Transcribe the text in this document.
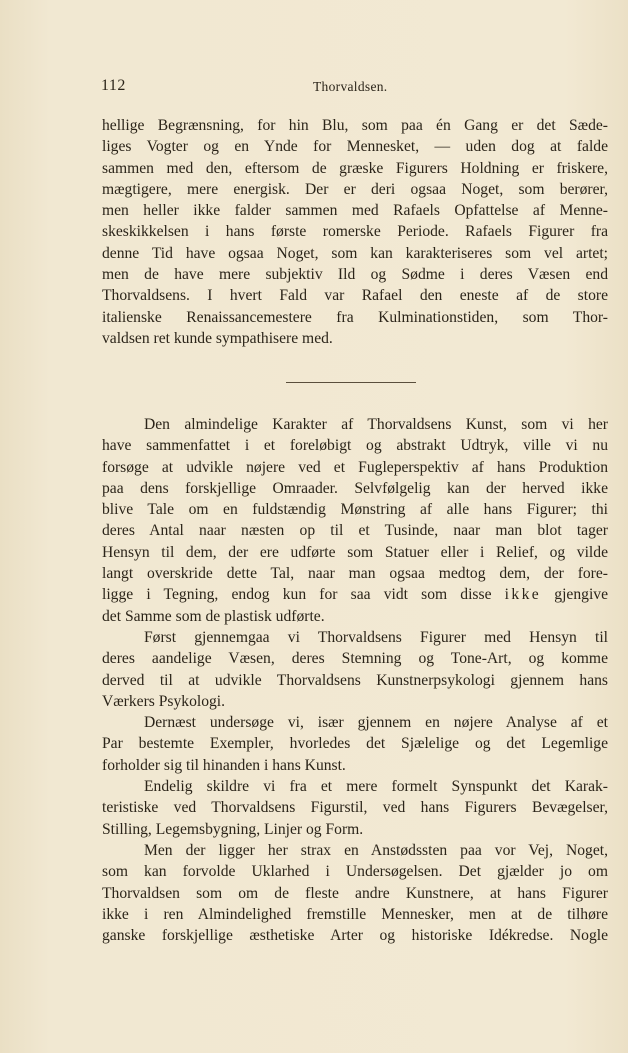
112	Thorvaldsen.
hellige Begrænsning, for hin Blu, som paa én Gang er det Sæde-
liges Vogter og en Ynde for Mennesket, — uden dog at falde
sammen med den, eftersom de græske Figurers Holdning er friskere,
mægtigere, mere energisk. Der er deri ogsaa Noget, som berører,
men heller ikke falder sammen med Rafaels Opfattelse af Menne-
skeskikkelsen i hans første romerske Periode. Rafaels Figurer fra
denne Tid have ogsaa Noget, som kan karakteriseres som vel artet;
men de have mere subjektiv Ild og Sødme i deres Væsen end
Thorvaldsens. I hvert Fald var Rafael den eneste af de store
italienske Renaissancemestere fra Kulminationstiden, som Thor-
valdsen ret kunde sympathisere med.
Den almindelige Karakter af Thorvaldsens Kunst, som vi her
have sammenfattet i et foreløbigt og abstrakt Udtryk, ville vi nu
forsøge at udvikle nøjere ved et Fugleperspektiv af hans Produktion
paa dens forskjellige Omraader. Selvfølgelig kan der herved ikke
blive Tale om en fuldstændig Mønstring af alle hans Figurer; thi
deres Antal naar næsten op til et Tusinde, naar man blot tager
Hensyn til dem, der ere udførte som Statuer eller i Relief, og vilde
langt overskride dette Tal, naar man ogsaa medtog dem, der fore-
ligge i Tegning, endog kun for saa vidt som disse ikke gjengive
det Samme som de plastisk udførte.
Først gjennemgaa vi Thorvaldsens Figurer med Hensyn til
deres aandelige Væsen, deres Stemning og Tone-Art, og komme
derved til at udvikle Thorvaldsens Kunstnerpsykologi gjennem hans
Værkers Psykologi.
Dernæst undersøge vi, især gjennem en nøjere Analyse af et
Par bestemte Exempler, hvorledes det Sjælelige og det Legemlige
forholder sig til hinanden i hans Kunst.
Endelig skildre vi fra et mere formelt Synspunkt det Karak-
teristiske ved Thorvaldsens Figurstil, ved hans Figurers Bevægelser,
Stilling, Legemsbygning, Linjer og Form.
Men der ligger her strax en Anstødssten paa vor Vej, Noget,
som kan forvolde Uklarhed i Undersøgelsen. Det gjælder jo om
Thorvaldsen som om de fleste andre Kunstnere, at hans Figurer
ikke i ren Almindelighed fremstille Mennesker, men at de tilhøre
ganske forskjellige æsthetiske Arter og historiske Idékredse. Nogle
